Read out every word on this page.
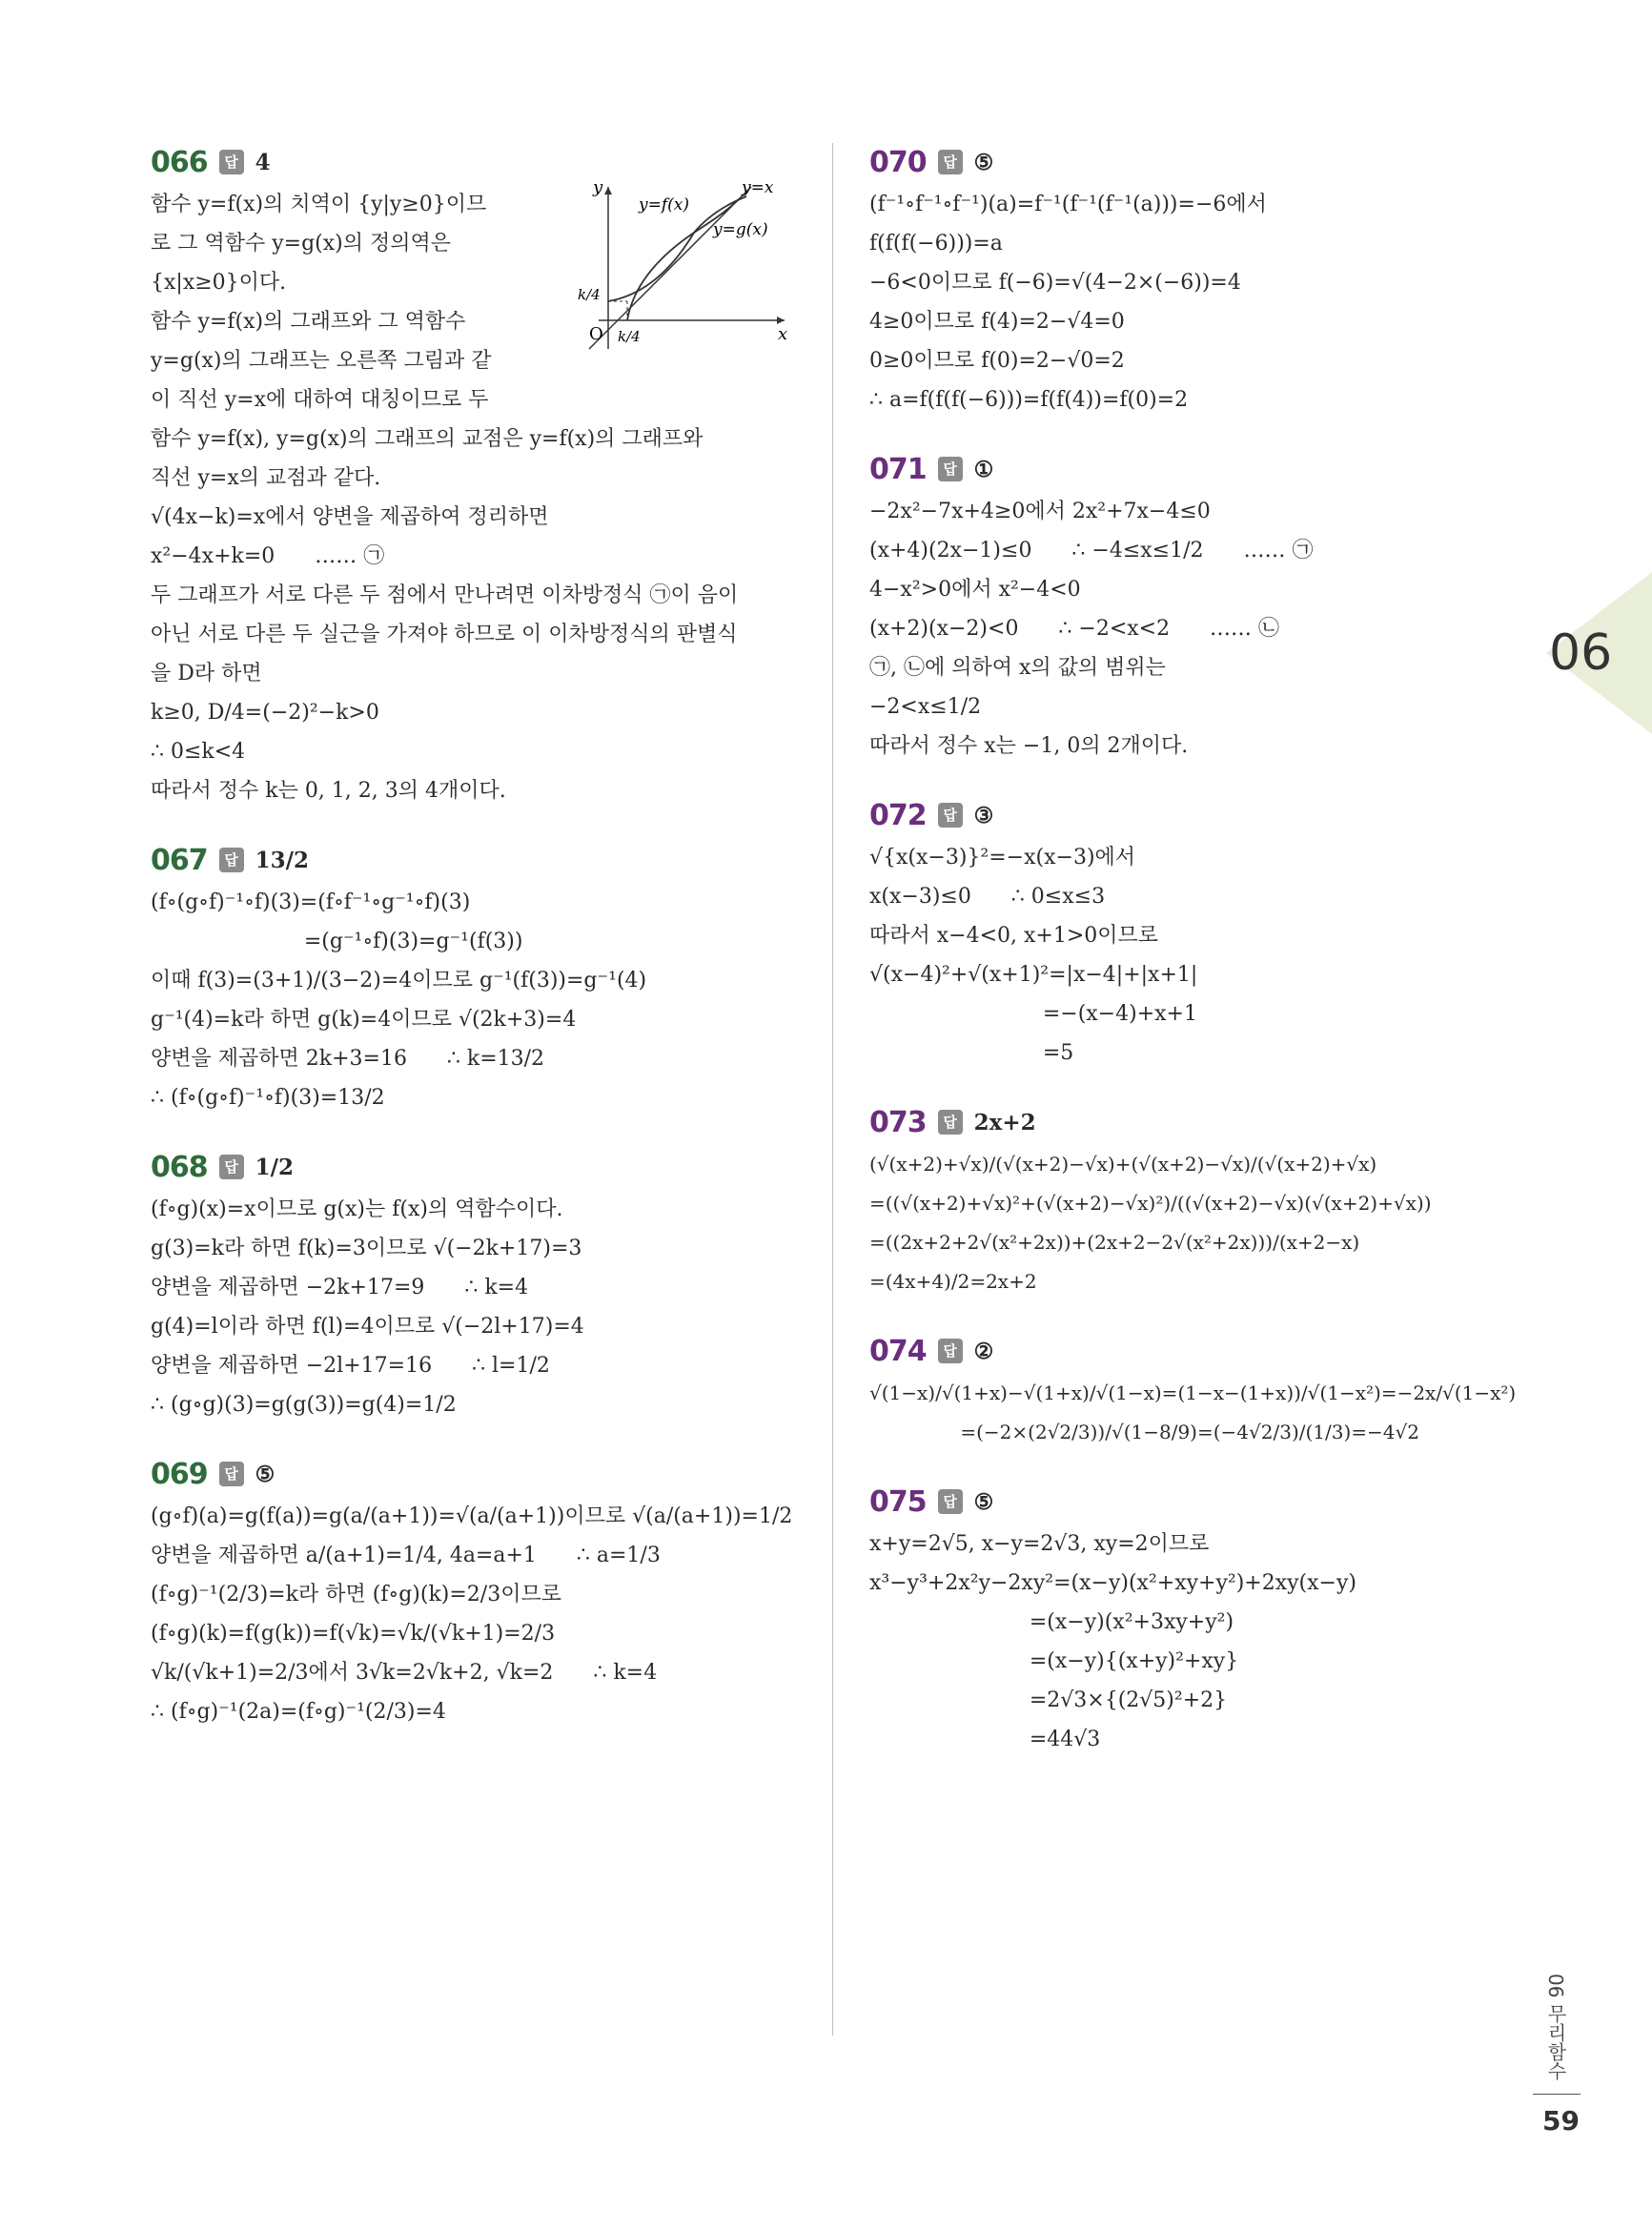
066	답 4
함수 y=f(x)의 치역이 {y|y≥0}이므
로 그 역함수 y=g(x)의 정의역은
{x|x≥0}이다.
함수 y=f(x)의 그래프와 그 역함수
y=g(x)의 그래프는 오른쪽 그림과 같
이 직선 y=x에 대하여 대칭이므로 두
함수 y=f(x), y=g(x)의 그래프의 교점은 y=f(x)의 그래프와
직선 y=x의 교점과 같다.
√(4x−k)=x에서 양변을 제곱하여 정리하면
x²−4x+k=0      …… ㉠
두 그래프가 서로 다른 두 점에서 만나려면 이차방정식 ㉠이 음이
아닌 서로 다른 두 실근을 가져야 하므로 이 이차방정식의 판별식
을 D라 하면
k≥0, D/4=(−2)²−k>0
∴ 0≤k<4
따라서 정수 k는 0, 1, 2, 3의 4개이다.
y
x
O
k/4
k/4
y=f(x)
y=g(x)
y=x
067	답 13/2
(f∘(g∘f)⁻¹∘f)(3)=(f∘f⁻¹∘g⁻¹∘f)(3)
=(g⁻¹∘f)(3)=g⁻¹(f(3))
이때 f(3)=(3+1)/(3−2)=4이므로 g⁻¹(f(3))=g⁻¹(4)
g⁻¹(4)=k라 하면 g(k)=4이므로 √(2k+3)=4
양변을 제곱하면 2k+3=16      ∴ k=13/2
∴ (f∘(g∘f)⁻¹∘f)(3)=13/2
068	답 1/2
(f∘g)(x)=x이므로 g(x)는 f(x)의 역함수이다.
g(3)=k라 하면 f(k)=3이므로 √(−2k+17)=3
양변을 제곱하면 −2k+17=9      ∴ k=4
g(4)=l이라 하면 f(l)=4이므로 √(−2l+17)=4
양변을 제곱하면 −2l+17=16      ∴ l=1/2
∴ (g∘g)(3)=g(g(3))=g(4)=1/2
069	답 ⑤
(g∘f)(a)=g(f(a))=g(a/(a+1))=√(a/(a+1))이므로 √(a/(a+1))=1/2
양변을 제곱하면 a/(a+1)=1/4, 4a=a+1      ∴ a=1/3
(f∘g)⁻¹(2/3)=k라 하면 (f∘g)(k)=2/3이므로
(f∘g)(k)=f(g(k))=f(√k)=√k/(√k+1)=2/3
√k/(√k+1)=2/3에서 3√k=2√k+2, √k=2      ∴ k=4
∴ (f∘g)⁻¹(2a)=(f∘g)⁻¹(2/3)=4
070	답 ⑤
(f⁻¹∘f⁻¹∘f⁻¹)(a)=f⁻¹(f⁻¹(f⁻¹(a)))=−6에서
f(f(f(−6)))=a
−6<0이므로 f(−6)=√(4−2×(−6))=4
4≥0이므로 f(4)=2−√4=0
0≥0이므로 f(0)=2−√0=2
∴ a=f(f(f(−6)))=f(f(4))=f(0)=2
071	답 ①
−2x²−7x+4≥0에서 2x²+7x−4≤0
(x+4)(2x−1)≤0      ∴ −4≤x≤1/2      …… ㉠
4−x²>0에서 x²−4<0
(x+2)(x−2)<0      ∴ −2<x<2      …… ㉡
㉠, ㉡에 의하여 x의 값의 범위는
−2<x≤1/2
따라서 정수 x는 −1, 0의 2개이다.
072	답 ③
√{x(x−3)}²=−x(x−3)에서
x(x−3)≤0      ∴ 0≤x≤3
따라서 x−4<0, x+1>0이므로
√(x−4)²+√(x+1)²=|x−4|+|x+1|
=−(x−4)+x+1
=5
073	답 2x+2
(√(x+2)+√x)/(√(x+2)−√x)+(√(x+2)−√x)/(√(x+2)+√x)
=((√(x+2)+√x)²+(√(x+2)−√x)²)/((√(x+2)−√x)(√(x+2)+√x))
=((2x+2+2√(x²+2x))+(2x+2−2√(x²+2x)))/(x+2−x)
=(4x+4)/2=2x+2
074	답 ②
√(1−x)/√(1+x)−√(1+x)/√(1−x)=(1−x−(1+x))/√(1−x²)=−2x/√(1−x²)
=(−2×(2√2/3))/√(1−8/9)=(−4√2/3)/(1/3)=−4√2
075	답 ⑤
x+y=2√5, x−y=2√3, xy=2이므로
x³−y³+2x²y−2xy²=(x−y)(x²+xy+y²)+2xy(x−y)
=(x−y)(x²+3xy+y²)
=(x−y){(x+y)²+xy}
=2√3×{(2√5)²+2}
=44√3
06
06 무리함수
59
